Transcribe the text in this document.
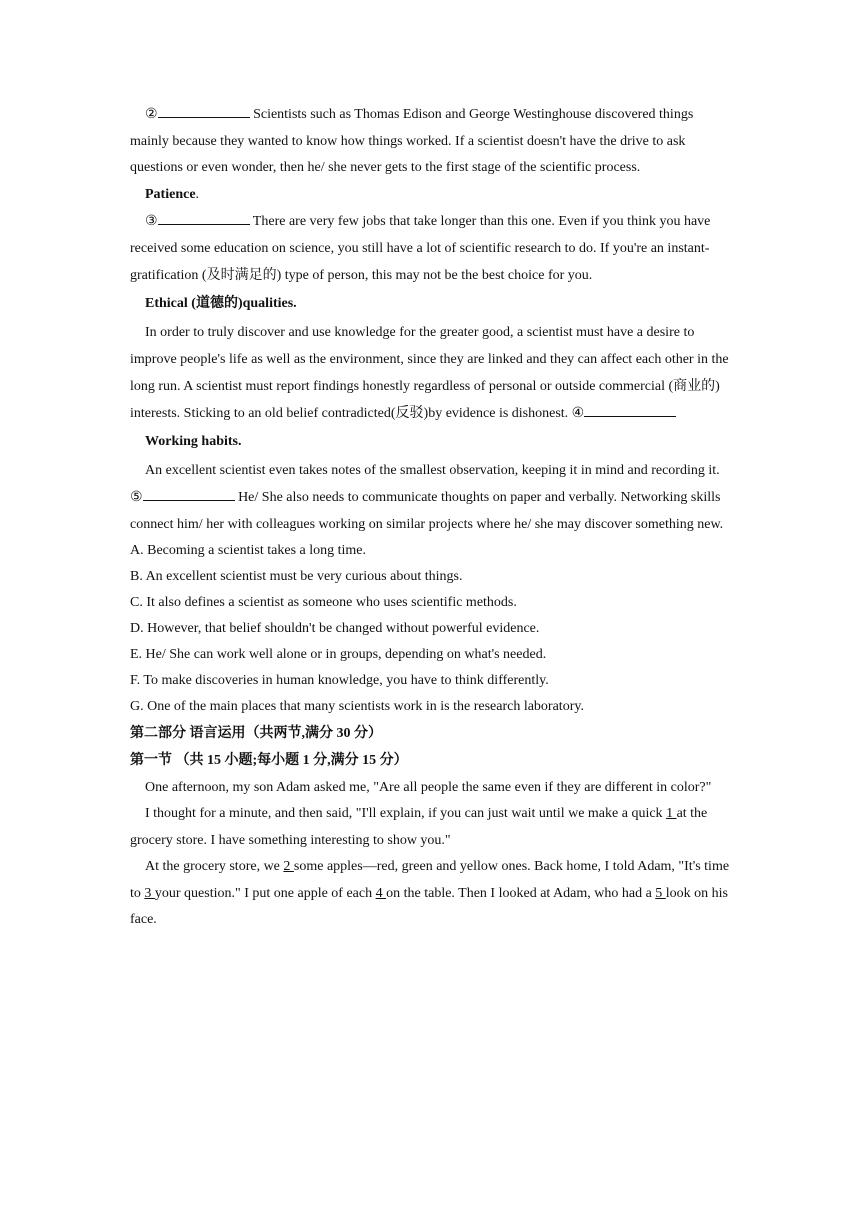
②	Scientists such as Thomas Edison and George Westinghouse discovered things mainly because they wanted to know how things worked. If a scientist doesn't have the drive to ask questions or even wonder, then he/ she never gets to the first stage of the scientific process.

Patience.

③	There are very few jobs that take longer than this one. Even if you think you have received some education on science, you still have a lot of scientific research to do. If you're an instant-gratification (及时满足的) type of person, this may not be the best choice for you.

Ethical (道德的)qualities.

In order to truly discover and use knowledge for the greater good, a scientist must have a desire to improve people's life as well as the environment, since they are linked and they can affect each other in the long run. A scientist must report findings honestly regardless of personal or outside commercial (商业的) interests. Sticking to an old belief contradicted(反驳)by evidence is dishonest. ④

Working habits.

An excellent scientist even takes notes of the smallest observation, keeping it in mind and recording it. ⑤	He/ She also needs to communicate thoughts on paper and verbally. Networking skills connect him/ her with colleagues working on similar projects where he/ she may discover something new.

A. Becoming a scientist takes a long time.

B. An excellent scientist must be very curious about things.

C. It also defines a scientist as someone who uses scientific methods.

D. However, that belief shouldn't be changed without powerful evidence.

E. He/ She can work well alone or in groups, depending on what's needed.

F. To make discoveries in human knowledge, you have to think differently.

G. One of the main places that many scientists work in is the research laboratory.

第二部分 语言运用（共两节,满分 30 分）

第一节 （共 15 小题;每小题 1 分,满分 15 分）

One afternoon, my son Adam asked me, "Are all people the same even if they are different in color?"

I thought for a minute, and then said, "I'll explain, if you can just wait until we make a quick 1 at the grocery store. I have something interesting to show you."

At the grocery store, we 2 some apples—red, green and yellow ones. Back home, I told Adam, "It's time to 3 your question." I put one apple of each 4 on the table. Then I looked at Adam, who had a 5 look on his face.
